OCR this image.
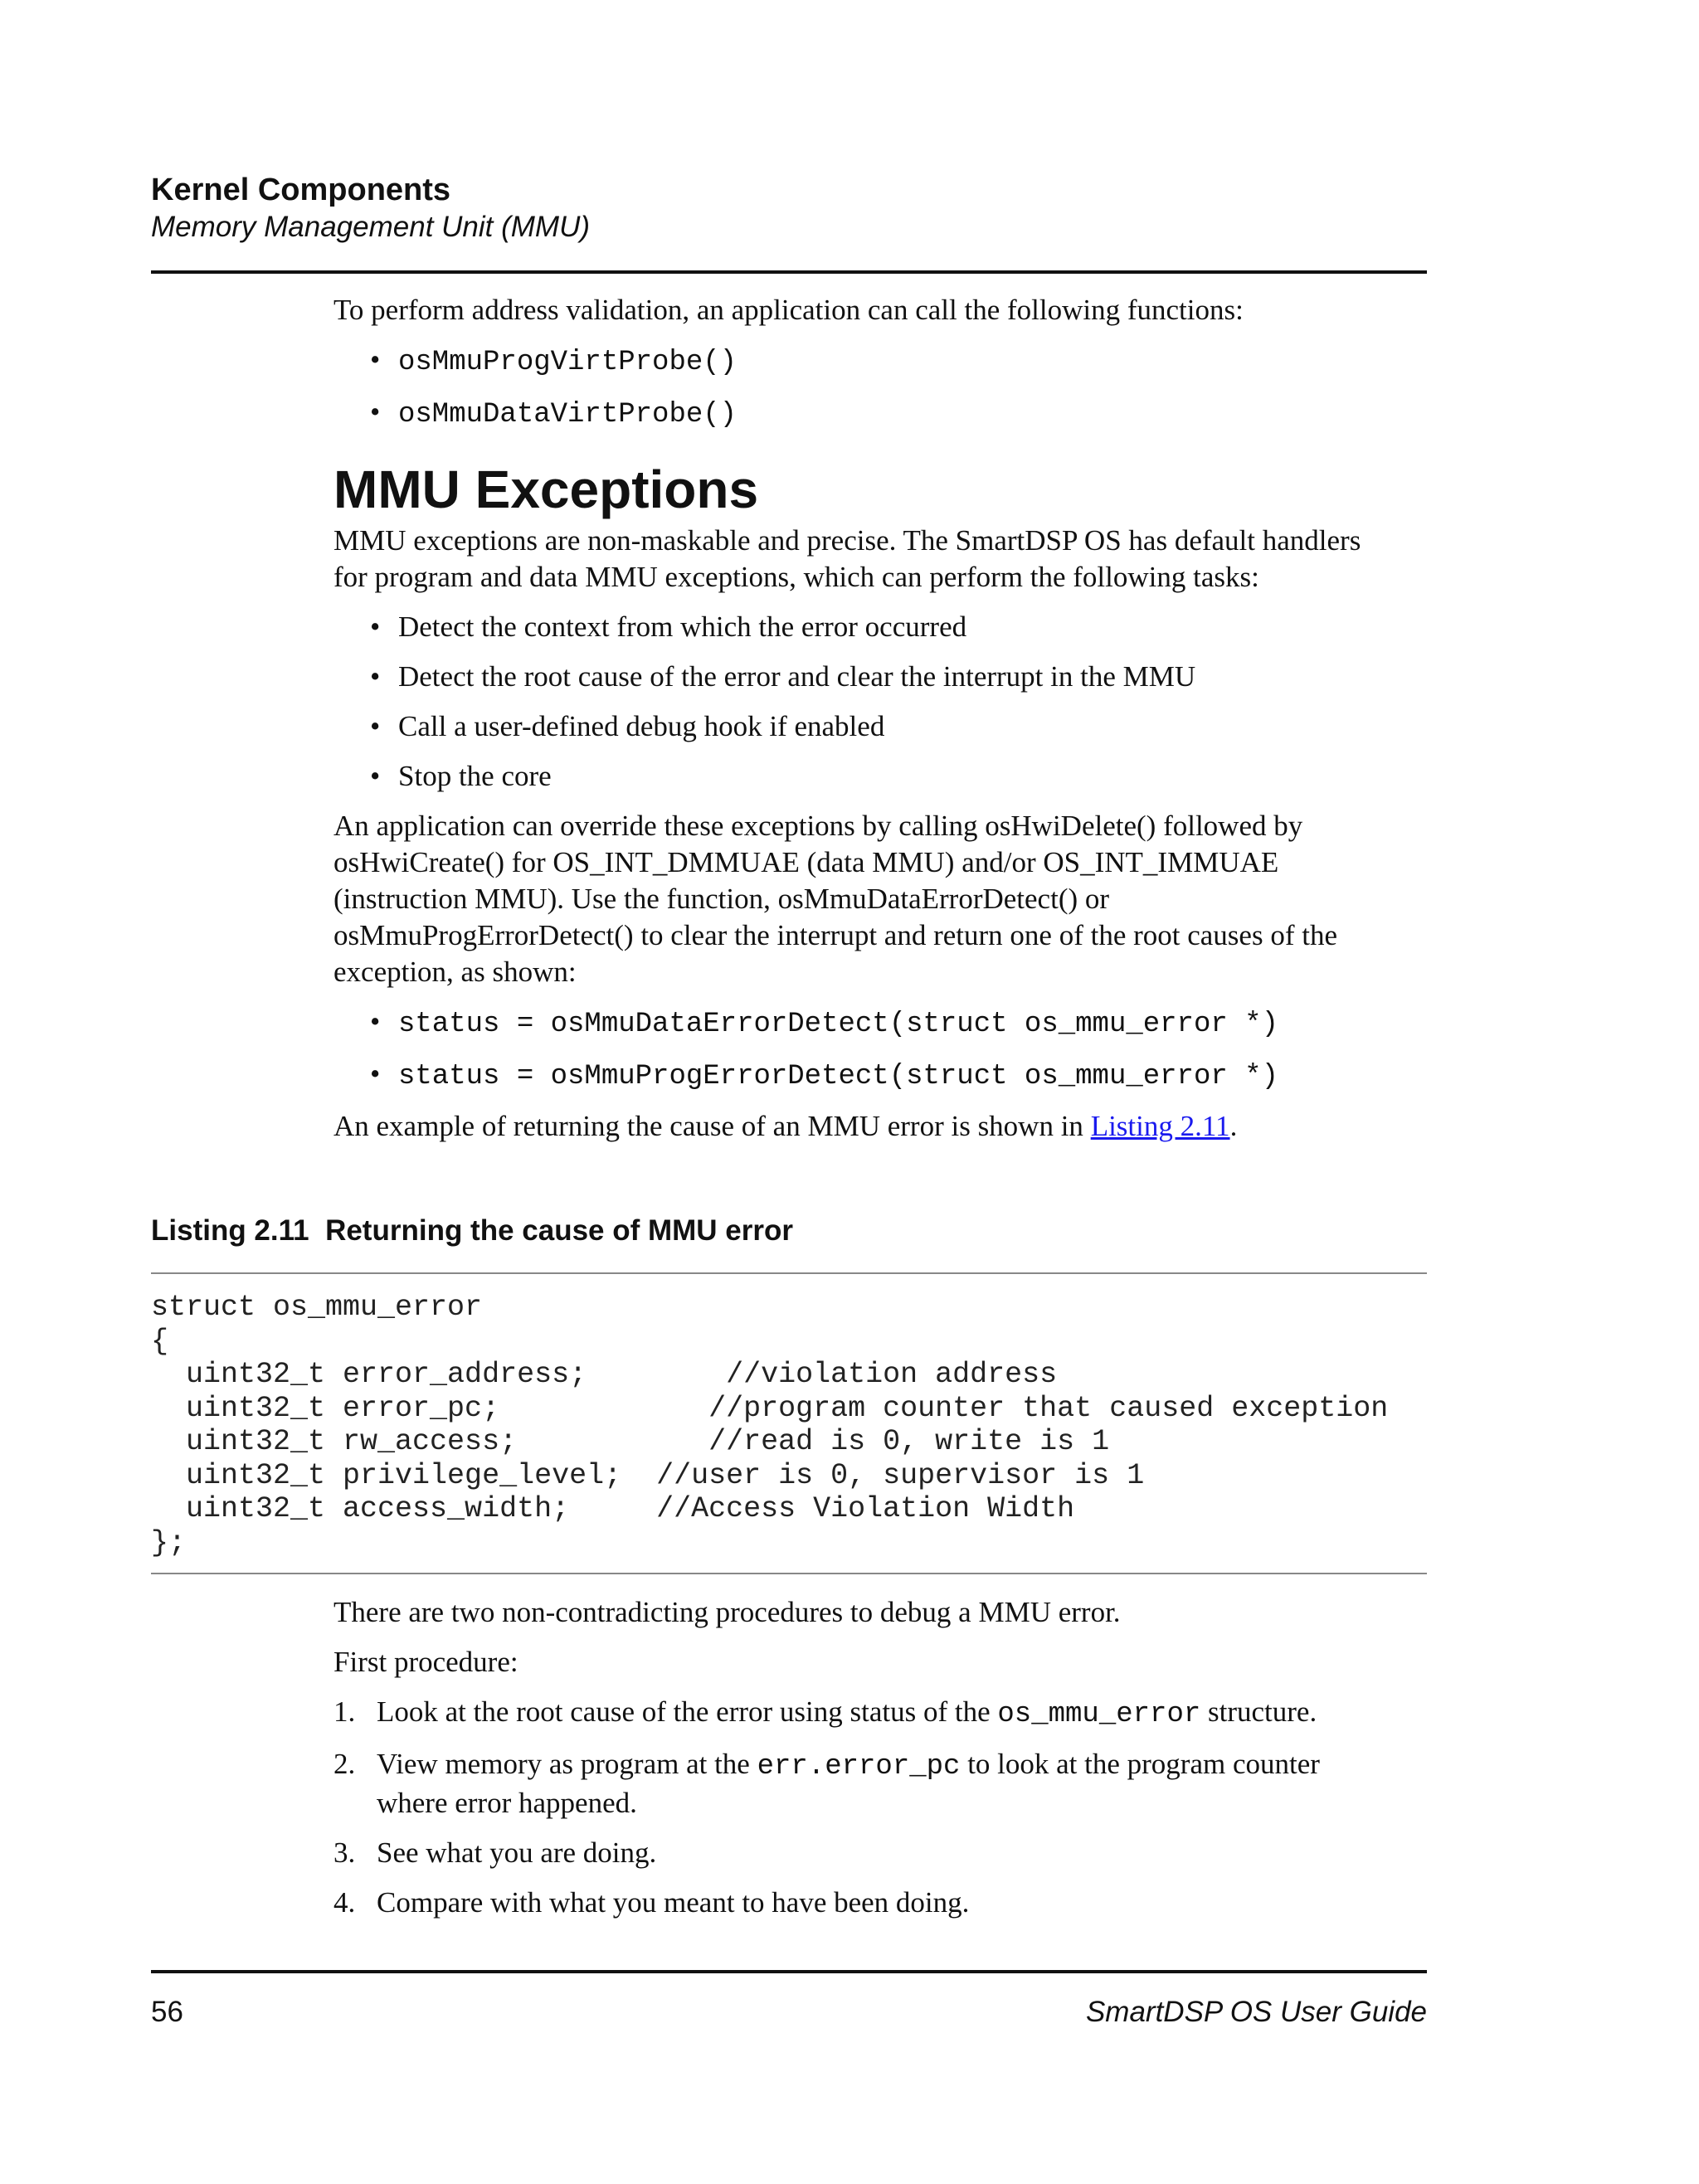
Kernel Components
Memory Management Unit (MMU)

To perform address validation, an application can call the following functions:

• osMmuProgVirtProbe()
• osMmuDataVirtProbe()
MMU Exceptions

MMU exceptions are non-maskable and precise. The SmartDSP OS has default handlers
for program and data MMU exceptions, which can perform the following tasks:

• Detect the context from which the error occurred
• Detect the root cause of the error and clear the interrupt in the MMU
• Call a user-defined debug hook if enabled
• Stop the core

An application can override these exceptions by calling osHwiDelete() followed by
osHwiCreate() for OS_INT_DMMUAE (data MMU) and/or OS_INT_IMMUAE
(instruction MMU). Use the function, osMmuDataErrorDetect() or
osMmuProgErrorDetect() to clear the interrupt and return one of the root causes of the
exception, as shown:

• status = osMmuDataErrorDetect(struct os_mmu_error *)
• status = osMmuProgErrorDetect(struct os_mmu_error *)

An example of returning the cause of an MMU error is shown in Listing 2.11.

Listing 2.11  Returning the cause of MMU error
struct os_mmu_error
{
uint32_t error_address;        //violation address
uint32_t error_pc;            //program counter that caused exception
uint32_t rw_access;           //read is 0, write is 1
uint32_t privilege_level;  //user is 0, supervisor is 1
uint32_t access_width;     //Access Violation Width
};

There are two non-contradicting procedures to debug a MMU error.

First procedure:

1. Look at the root cause of the error using status of the os_mmu_error structure.
2. View memory as program at the err.error_pc to look at the program counter
where error happened.
3. See what you are doing.
4. Compare with what you meant to have been doing.
56	SmartDSP OS User Guide
